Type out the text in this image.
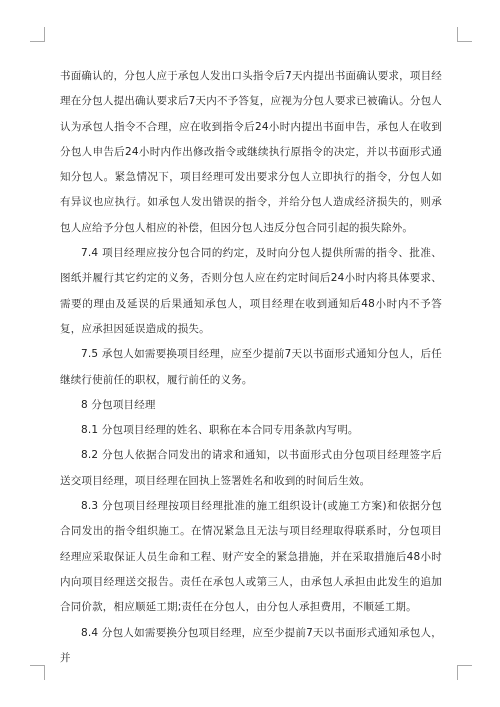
书面确认的，分包人应于承包人发出口头指令后7天内提出书面确认要求，项目经理在分包人提出确认要求后7天内不予答复，应视为分包人要求已被确认。分包人认为承包人指令不合理，应在收到指令后24小时内提出书面申告，承包人在收到分包人申告后24小时内作出修改指令或继续执行原指令的决定，并以书面形式通知分包人。紧急情况下，项目经理可发出要求分包人立即执行的指令，分包人如有异议也应执行。如承包人发出错误的指令，并给分包人造成经济损失的，则承包人应给予分包人相应的补偿，但因分包人违反分包合同引起的损失除外。

7.4 项目经理应按分包合同的约定，及时向分包人提供所需的指令、批准、图纸并履行其它约定的义务，否则分包人应在约定时间后24小时内将具体要求、需要的理由及延误的后果通知承包人，项目经理在收到通知后48小时内不予答复，应承担因延误造成的损失。

7.5 承包人如需要换项目经理，应至少提前7天以书面形式通知分包人，后任继续行使前任的职权，履行前任的义务。

8 分包项目经理

8.1 分包项目经理的姓名、职称在本合同专用条款内写明。

8.2 分包人依据合同发出的请求和通知，以书面形式由分包项目经理签字后送交项目经理，项目经理在回执上签署姓名和收到的时间后生效。

8.3 分包项目经理按项目经理批准的施工组织设计(或施工方案)和依据分包合同发出的指令组织施工。在情况紧急且无法与项目经理取得联系时，分包项目经理应采取保证人员生命和工程、财产安全的紧急措施，并在采取措施后48小时内向项目经理送交报告。责任在承包人或第三人，由承包人承担由此发生的追加合同价款，相应顺延工期;责任在分包人，由分包人承担费用，不顺延工期。

8.4 分包人如需要换分包项目经理，应至少提前7天以书面形式通知承包人，并
